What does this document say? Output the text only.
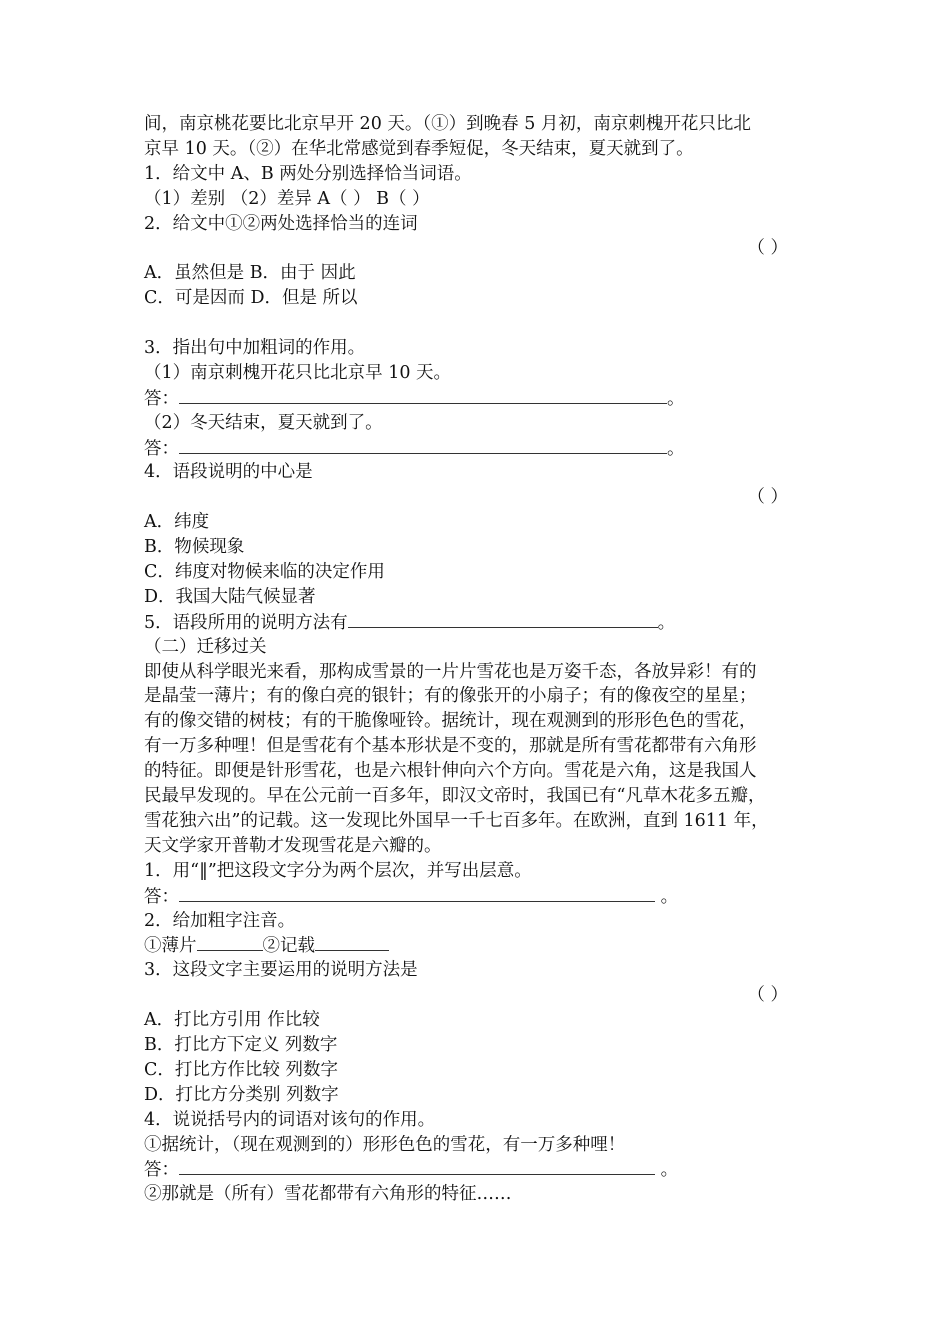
间，南京桃花要比北京早开 20 天。（①）到晚春 5 月初，南京刺槐开花只比北
京早 10 天。（②）在华北常感觉到春季短促，冬天结束，夏天就到了。
1．给文中 A、B 两处分别选择恰当词语。
（1）差别 （2）差异 A（ ） B（ ）
2．给文中①②两处选择恰当的连词
（ ）
A．虽然但是 B．由于 因此
C．可是因而 D．但是 所以
3．指出句中加粗词的作用。
（1）南京刺槐开花只比北京早 10 天。
答：	。
（2）冬天结束，夏天就到了。
答：	。
4．语段说明的中心是
（ ）
A．纬度
B．物候现象
C．纬度对物候来临的决定作用
D．我国大陆气候显著
5．语段所用的说明方法有	。
（二）迁移过关
即使从科学眼光来看，那构成雪景的一片片雪花也是万姿千态，各放异彩！有的
是晶莹一薄片；有的像白亮的银针；有的像张开的小扇子；有的像夜空的星星；
有的像交错的树枝；有的干脆像哑铃。据统计，现在观测到的形形色色的雪花，
有一万多种哩！但是雪花有个基本形状是不变的，那就是所有雪花都带有六角形
的特征。即便是针形雪花，也是六根针伸向六个方向。雪花是六角，这是我国人
民最早发现的。早在公元前一百多年，即汉文帝时，我国已有“凡草木花多五瓣，
雪花独六出”的记载。这一发现比外国早一千七百多年。在欧洲，直到 1611 年，
天文学家开普勒才发现雪花是六瓣的。
1．用“‖”把这段文字分为两个层次，并写出层意。
答：	。
2．给加粗字注音。
①薄片	②记载
3．这段文字主要运用的说明方法是
（ ）
A．打比方引用 作比较
B．打比方下定义 列数字
C．打比方作比较 列数字
D．打比方分类别 列数字
4．说说括号内的词语对该句的作用。
①据统计，（现在观测到的）形形色色的雪花，有一万多种哩！
答：	。
②那就是（所有）雪花都带有六角形的特征……
